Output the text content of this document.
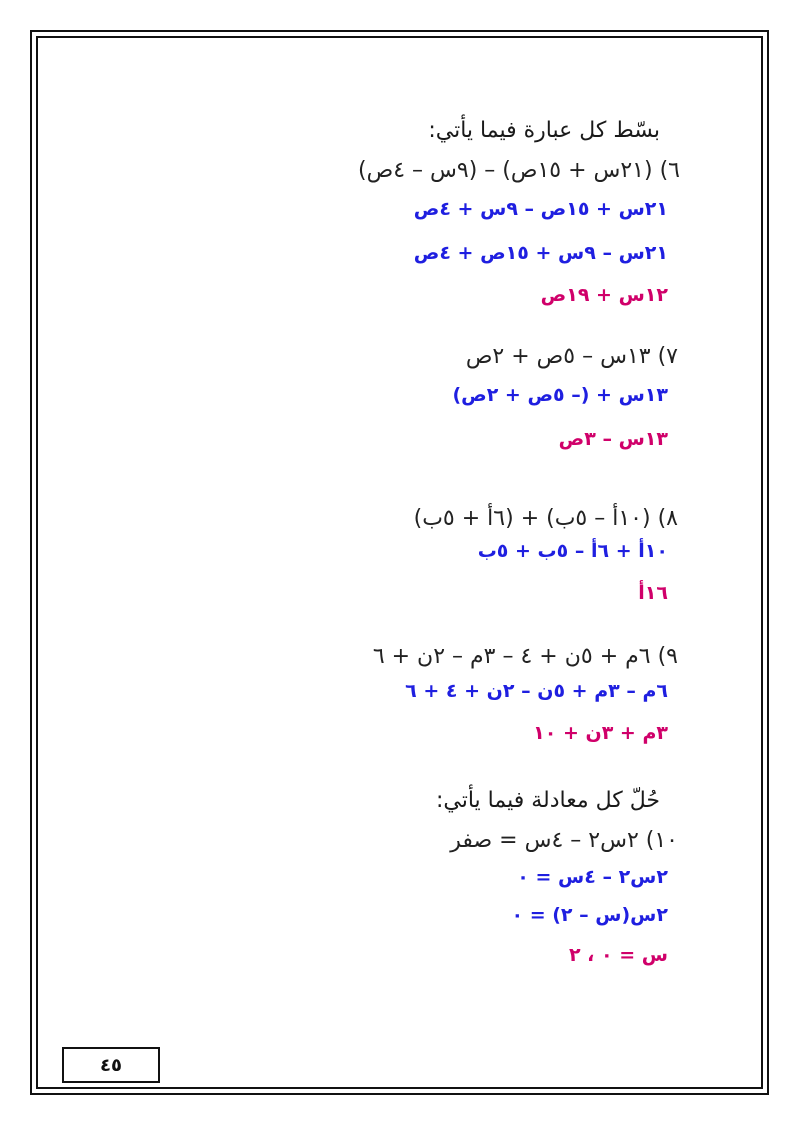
بسّط كل عبارة فيما يأتي:
٦) (٢١س + ١٥ص) – (٩س – ٤ص)
٢١س + ١٥ص – ٩س + ٤ص
٢١س – ٩س + ١٥ص + ٤ص
١٢س + ١٩ص
٧) ١٣س – ٥ص + ٢ص
١٣س + (– ٥ص + ٢ص)
١٣س – ٣ص
٨) (١٠أ – ٥ب) + (٦أ + ٥ب)
١٠أ + ٦أ – ٥ب + ٥ب
١٦أ
٩) ٦م + ٥ن + ٤ – ٣م – ٢ن + ٦
٦م – ٣م + ٥ن – ٢ن + ٤ + ٦
٣م + ٣ن + ١٠
حُلّ كل معادلة فيما يأتي:
١٠) ٢س٢ – ٤س = صفر
٢س٢ – ٤س = ٠
٢س(س – ٢) = ٠
س = ٠ ، ٢
٤٥
